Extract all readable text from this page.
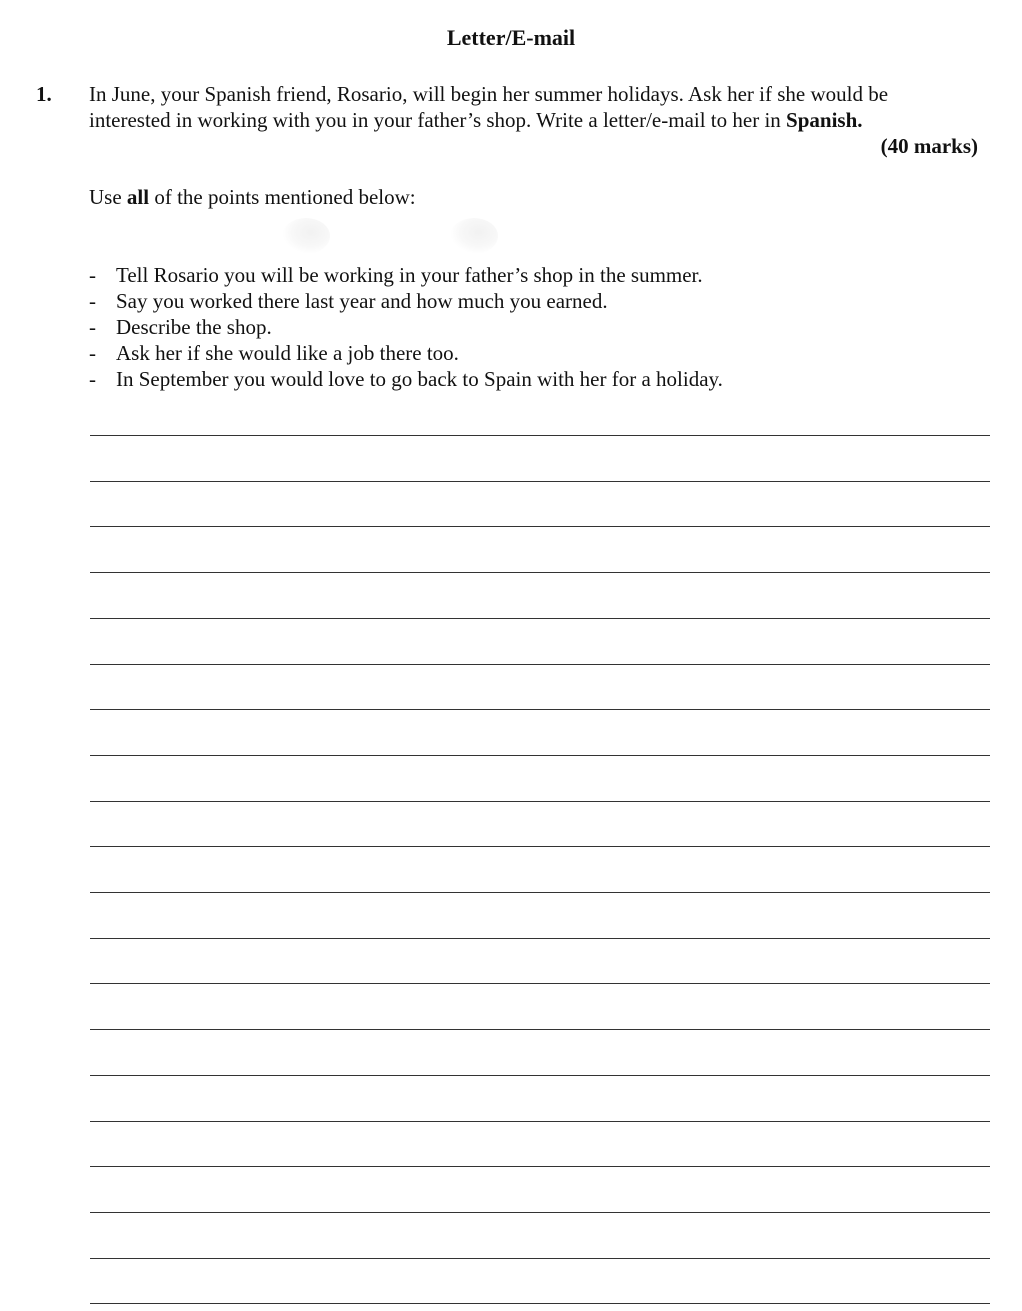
Letter/E-mail
1. In June, your Spanish friend, Rosario, will begin her summer holidays. Ask her if she would be
interested in working with you in your father’s shop. Write a letter/e-mail to her in Spanish.
(40 marks)
Use all of the points mentioned below:
- Tell Rosario you will be working in your father’s shop in the summer.
- Say you worked there last year and how much you earned.
- Describe the shop.
- Ask her if she would like a job there too.
- In September you would love to go back to Spain with her for a holiday.
